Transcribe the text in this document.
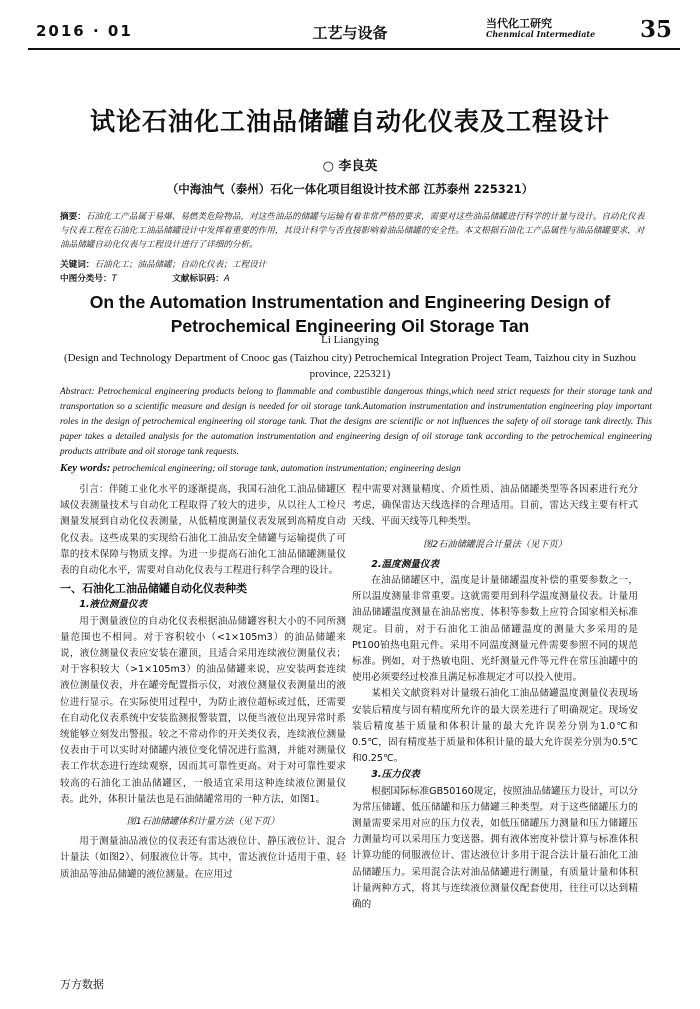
2016 · 01	工艺与设备
当代化工研究
Chenmical Intermediate 35
试论石油化工油品储罐自动化仪表及工程设计
○ 李良英
（中海油气（泰州）石化一体化项目组设计技术部 江苏泰州 225321）
摘要：石油化工产品属于易爆、易燃类危险物品，对这些油品的储罐与运输有着非常严格的要求，需要对这些油品储罐进行科学的计量与设计。自动化仪表与仪表工程在石油化工油品储罐设计中发挥着重要的作用，其设计科学与否直接影响着油品储罐的安全性。本文根据石油化工产品属性与油品储罐要求，对油品储罐自动化仪表与工程设计进行了详细的分析。
关键词：石油化工；油品储罐；自动化仪表；工程设计
中图分类号：T	文献标识码：A
On the Automation Instrumentation and Engineering Design of Petrochemical Engineering Oil Storage Tan
Li Liangying
(Design and Technology Department of Cnooc gas (Taizhou city) Petrochemical Integration Project Team, Taizhou city in Suzhou province, 225321)
Abstract: Petrochemical engineering products belong to flammable and combustible dangerous things,which need strict requests for their storage tank and transportation so a scientific measure and design is needed for oil storage tank.Automation instrumentation and instrumentation engineering play important roles in the design of petrochemical engineering oil storage tank. That the designs are scientific or not influences the safety of oil storage tank directly. This paper takes a detailed analysis for the automation instrumentation and engineering design of oil storage tank according to the petrochemical engineering products attribute and oil storage tank requests.
Key words: petrochemical engineering; oil storage tank, automation instrumentation; engineering design

引言：伴随工业化水平的逐渐提高，我国石油化工油品储罐区域仪表测量技术与自动化工程取得了较大的进步，从以往人工检尺测量发展到自动化仪表测量，从低精度测量仪表发展到高精度自动化仪表。这些成果的实现给石油化工油品安全储罐与运输提供了可靠的技术保障与物质支撑。为进一步提高石油化工油品储罐测量仪表的自动化水平，需要对自动化仪表与工程进行科学合理的设计。

一、石油化工油品储罐自动化仪表种类
1.液位测量仪表

用于测量液位的自动化仪表根据油品储罐容积大小的不同所测量范围也不相同。对于容积较小（<1×105m3）的油品储罐来说，液位测量仪表应安装在灌顶，且适合采用连续液位测量仪表；对于容积较大（>1×105m3）的油品储罐来说，应安装两套连续液位测量仪表，并在罐旁配置指示仪，对液位测量仪表测量出的液位进行显示。在实际使用过程中，为防止液位超标或过低，还需要在自动化仪表系统中安装监测报警装置，以便当液位出现异常时系统能够立刻发出警报。较之不常动作的开关类仪表，连续液位测量仪表由于可以实时对储罐内液位变化情况进行监测，并能对测量仪表工作状态进行连续观察，因而其可靠性更高。对于对可靠性要求较高的石油化工油品储罐区，一般适宜采用这种连续液位测量仪表。此外，体积计量法也是石油储罐常用的一种方法，如图1。

图1石油储罐体积计量方法（见下页）

用于测量油品液位的仪表还有雷达液位计、静压液位计、混合计量法（如图2）、伺服液位计等。其中，雷达液位计适用于重、轻质油品等油品储罐的液位测量。在应用过

程中需要对测量精度、介质性质、油品储罐类型等各因素进行充分考虑，确保雷达天线选择的合理适用。目前，雷达天线主要有杆式天线、平面天线等几种类型。

图2石油储罐混合计量法（见下页）
2.温度测量仪表

在油品储罐区中，温度是计量储罐温度补偿的重要参数之一，所以温度测量非常重要。这就需要用到科学温度测量仪表。计量用油品储罐温度测量在油品密度、体积等参数上应符合国家相关标准规定。目前，对于石油化工油品储罐温度的测量大多采用的是Pt100铂热电阻元件。采用不同温度测量元件需要参照不同的规范标准。例如，对于热敏电阻、光纤测量元件等元件在常压油罐中的使用必须要经过校准且满足标准规定才可以投入使用。

某相关文献资料对计量级石油化工油品储罐温度测量仪表现场安装后精度与固有精度所允许的最大误差进行了明确规定。现场安装后精度基于质量和体积计量的最大允许误差分别为1.0℃和0.5℃，固有精度基于质量和体积计量的最大允许误差分别为0.5℃和0.25℃。

3.压力仪表

根据国际标准GB50160规定，按照油品储罐压力设计，可以分为常压储罐、低压储罐和压力储罐三种类型。对于这些储罐压力的测量需要采用对应的压力仪表，如低压储罐压力测量和压力储罐压力测量均可以采用压力变送器。拥有液体密度补偿计算与标准体积计算功能的伺服液位计、雷达液位计多用于混合法计量石油化工油品储罐压力。采用混合法对油品储罐进行测量，有质量计量和体积计量两种方式，将其与连续液位测量仪配套使用，往往可以达到精确的

万方数据
